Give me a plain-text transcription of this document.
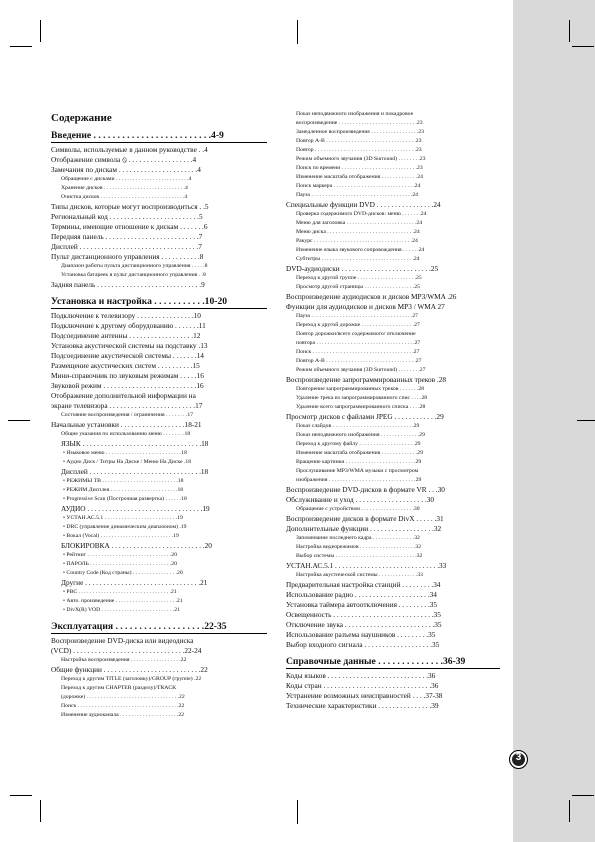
Содержание
Введение . . . . . . . . . . . . . . . . . . . . . . . . .4-9
Символы, используемые в данном руководстве . .4
Отображение символа ⦸ . . . . . . . . . . . . . . . . . .4
Замечания по дискам . . . . . . . . . . . . . . . . . . . . . .4
Обращение с дисками . . . . . . . . . . . . . . . . . . . . . . . . . .4
Хранение дисков . . . . . . . . . . . . . . . . . . . . . . . . . . . . .4
Очистка дисков . . . . . . . . . . . . . . . . . . . . . . . . . . . . . .4
Типы дисков, которые могут воспроизводиться . .5
Региональный код . . . . . . . . . . . . . . . . . . . . . . . . .5
Термины, имеющие отношение к дискам . . . . . . .6
Передняя панель . . . . . . . . . . . . . . . . . . . . . . . . . .7
Дисплей . . . . . . . . . . . . . . . . . . . . . . . . . . . . . . . . .7
Пульт дистанционного управления . . . . . . . . . . .8
Диапазон работы пульта дистанционного управления . . . . .8
Установка батареек в пульт дистанционного управления . .8
Задняя панель . . . . . . . . . . . . . . . . . . . . . . . . . . . . .9
Установка и настройка . . . . . . . . . . .10-20
Подключение к телевизору . . . . . . . . . . . . . . . .10
Подключение к другому оборудованию . . . . . . .11
Подсоединение антенны . . . . . . . . . . . . . . . . . .12
Установка акустической системы на подставку .13
Подсоединение акустической системы . . . . . . .14
Размещение акустических систем . . . . . . . . . .15
Мини-справочник по звуковым режимам . . . . .16
Звуковой режим . . . . . . . . . . . . . . . . . . . . . . . . . .16
Отображение дополнительной информации на
экране телевизора . . . . . . . . . . . . . . . . . . . . . . . .17
Состояние воспроизведения / ограничения . . . . . . . .17
Начальные установки . . . . . . . . . . . . . . . . . .18-21
Общие указания по использованию меню . . . . . . . .18
ЯЗЫК . . . . . . . . . . . . . . . . . . . . . . . . . . . . . . . . .18
• Языковое меню . . . . . . . . . . . . . . . . . . . . . . . . . . .18
• Аудио Диск / Титры На Диске / Меню На Диске .18
Дисплей . . . . . . . . . . . . . . . . . . . . . . . . . . . . . . .18
• РЕЖИМЫ ТВ . . . . . . . . . . . . . . . . . . . . . . . . . . .18
• РЕЖИМ Дисплея . . . . . . . . . . . . . . . . . . . . . . . .18
• Progressive Scan (Построчная развертка) . . . . . .18
АУДИО . . . . . . . . . . . . . . . . . . . . . . . . . . . . . . . .19
• УСТАН.АС.5.1 . . . . . . . . . . . . . . . . . . . . . . . . . .19
• DRC (управление динамическим диапазоном) .19
• Вокал (Vocal) . . . . . . . . . . . . . . . . . . . . . . . . . .19
БЛОКИРОВКА . . . . . . . . . . . . . . . . . . . . . . . . . .20
• Рейтинг . . . . . . . . . . . . . . . . . . . . . . . . . . . . . .20
• ПАРОЛЬ . . . . . . . . . . . . . . . . . . . . . . . . . . . . .20
• Country Code (Код страны) . . . . . . . . . . . . . . . .20
Другие . . . . . . . . . . . . . . . . . . . . . . . . . . . . . . . .21
• PBC . . . . . . . . . . . . . . . . . . . . . . . . . . . . . . . . .21
• Авто. произведение . . . . . . . . . . . . . . . . . . . . . .21
• DivX(R) VOD . . . . . . . . . . . . . . . . . . . . . . . . . .21
Эксплуатация . . . . . . . . . . . . . . . . . . .22-35
Воспроизведение DVD-диска или видеодиска
(VCD) . . . . . . . . . . . . . . . . . . . . . . . . . . . . . . .22-24
Настройка воспроизведения . . . . . . . . . . . . . . . . . .22
Общие функции . . . . . . . . . . . . . . . . . . . . . . . . . . .22
Переход к другим TITLE (заголовку)/GROUP (группе) .22
Переход к другим CHAPTER (разделу)/TRACK
(дорожке) . . . . . . . . . . . . . . . . . . . . . . . . . . . . . . . . .22
Поиск . . . . . . . . . . . . . . . . . . . . . . . . . . . . . . . . . . . .22
Изменение аудиоканала . . . . . . . . . . . . . . . . . . . . .22
Показ неподвижного изображения и покадровое
воспроизведение . . . . . . . . . . . . . . . . . . . . . . . . . . . .23
Замедленное воспроизведение . . . . . . . . . . . . . . . . .23
Повтор A-B . . . . . . . . . . . . . . . . . . . . . . . . . . . . . . . .23
Повтор . . . . . . . . . . . . . . . . . . . . . . . . . . . . . . . . . . . .23
Режим объемного звучания (3D Surround) . . . . . . . .23
Поиск по времени . . . . . . . . . . . . . . . . . . . . . . . . . . .23
Изменение масштаба отображения . . . . . . . . . . . . .24
Поиск маркера . . . . . . . . . . . . . . . . . . . . . . . . . . . . .24
Пауза . . . . . . . . . . . . . . . . . . . . . . . . . . . . . . . . . . . .24
Специальные функции DVD . . . . . . . . . . . . . . . .24
Проверка содержимого DVD-дисков: меню . . . . . . .24
Меню для заголовка . . . . . . . . . . . . . . . . . . . . . . . . .24
Меню диска . . . . . . . . . . . . . . . . . . . . . . . . . . . . . . .24
Ракурс . . . . . . . . . . . . . . . . . . . . . . . . . . . . . . . . . . .24
Изменение языка звукового сопровождения . . . . . .24
Субтитры . . . . . . . . . . . . . . . . . . . . . . . . . . . . . . . . .24
DVD-аудиодиски . . . . . . . . . . . . . . . . . . . . . . . . .25
Переход к другой группе . . . . . . . . . . . . . . . . . . . . .25
Просмотр другой страницы . . . . . . . . . . . . . . . . . .25
Воспроизведение аудиодисков и дисков MP3/WMA .26
Функции для аудиодисков и дисков MP3 / WMA 27
Пауза . . . . . . . . . . . . . . . . . . . . . . . . . . . . . . . . . . . .27
Переход к другой дорожке . . . . . . . . . . . . . . . . . . .27
Повтор дорожки/всего содержимого/ отключение
повтора . . . . . . . . . . . . . . . . . . . . . . . . . . . . . . . . . . .27
Поиск . . . . . . . . . . . . . . . . . . . . . . . . . . . . . . . . . . . .27
Повтор A-B . . . . . . . . . . . . . . . . . . . . . . . . . . . . . . . .27
Режим объемного звучания (3D Surround) . . . . . . . .27
Воспроизведение запрограммированных треков .28
Повторение запрограммированных треков . . . . . . .28
Удаление трека из запрограммированного спис . . . .28
Удаление всего запрограммированного списка . . . .28
Просмотр дисков с файлами JPEG . . . . . . . . . . . .29
Показ слайдов . . . . . . . . . . . . . . . . . . . . . . . . . . . . .29
Показ неподвижного изображения . . . . . . . . . . . . . .29
Переход к другому файлу . . . . . . . . . . . . . . . . . . . .29
Изменение масштаба отображения . . . . . . . . . . . . .29
Вращение картинки . . . . . . . . . . . . . . . . . . . . . . . . .29
Прослушивание MP3/WMA музыки с просмотром
изображения . . . . . . . . . . . . . . . . . . . . . . . . . . . . . . .29
Воспроизведение DVD-дисков в формате VR . . .30
Обслуживание и уход . . . . . . . . . . . . . . . . . . . .30
Обращение с устройством . . . . . . . . . . . . . . . . . . .30
Воспроизведение дисков в формате DivX . . . . . .31
Дополнительные функции . . . . . . . . . . . . . . . . . .32
Запоминание последнего кадра . . . . . . . . . . . . . . .32
Настройка видеорежимов . . . . . . . . . . . . . . . . . . . .32
Выбор системы . . . . . . . . . . . . . . . . . . . . . . . . . . . . .32
УСТАН.АС.5.1 . . . . . . . . . . . . . . . . . . . . . . . . . . . . .33
Настройка акустической системы . . . . . . . . . . . . . .33
Предварительная настройка станций . . . . . . . . .34
Использование радио . . . . . . . . . . . . . . . . . . . . .34
Установка таймера автоотключения . . . . . . . . .35
Освещенность . . . . . . . . . . . . . . . . . . . . . . . . . . . .35
Отключение звука . . . . . . . . . . . . . . . . . . . . . . . . .35
Использование разъема наушников . . . . . . . . .35
Выбор входного сигнала . . . . . . . . . . . . . . . . . . .35
Справочные данные . . . . . . . . . . . . . .36-39
Коды языков . . . . . . . . . . . . . . . . . . . . . . . . . . . .36
Коды стран . . . . . . . . . . . . . . . . . . . . . . . . . . . . . .36
Устранение возможных неисправностей . . . .37-38
Технические характеристики . . . . . . . . . . . . . . .39
3
